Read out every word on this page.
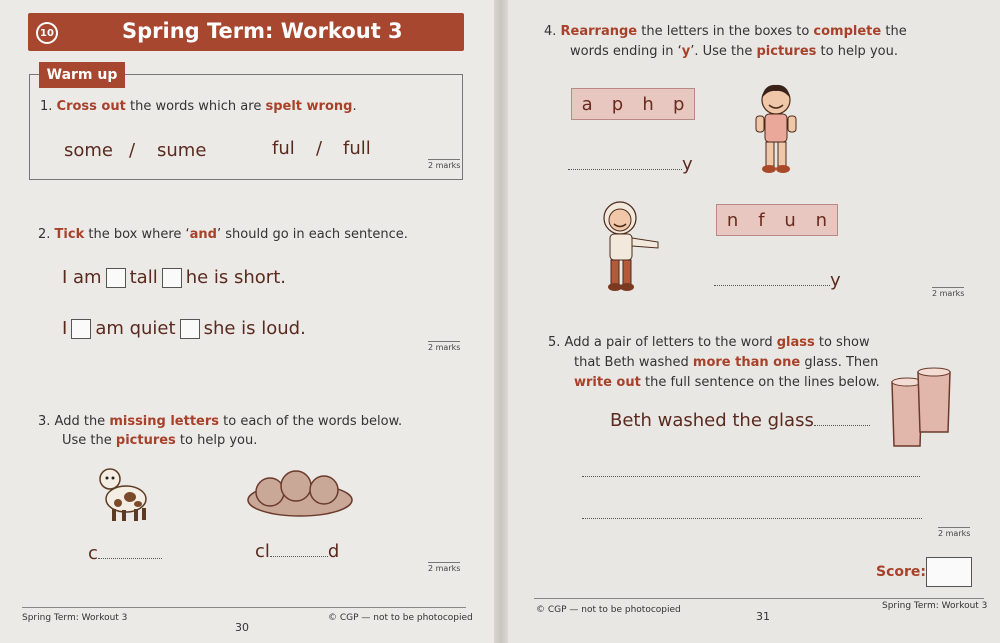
10	Spring Term: Workout 3
Warm up
1. Cross out the words which are spelt wrong.
some / sume	ful / full
2 marks
2. Tick the box where ‘and’ should go in each sentence.
I am tall he is short.
I am quiet she is loud.
2 marks
3. Add the missing letters to each of the words below.
Use the pictures to help you.
c	cl	d
2 marks
Spring Term: Workout 3
30
© CGP — not to be photocopied
4. Rearrange the letters in the boxes to complete the
words ending in ‘y’. Use the pictures to help you.
a p h p
y
n f u n
y
2 marks
5. Add a pair of letters to the word glass to show
that Beth washed more than one glass. Then
write out the full sentence on the lines below.
Beth washed the glass
2 marks
Score:
© CGP — not to be photocopied	31
Spring Term: Workout 3
